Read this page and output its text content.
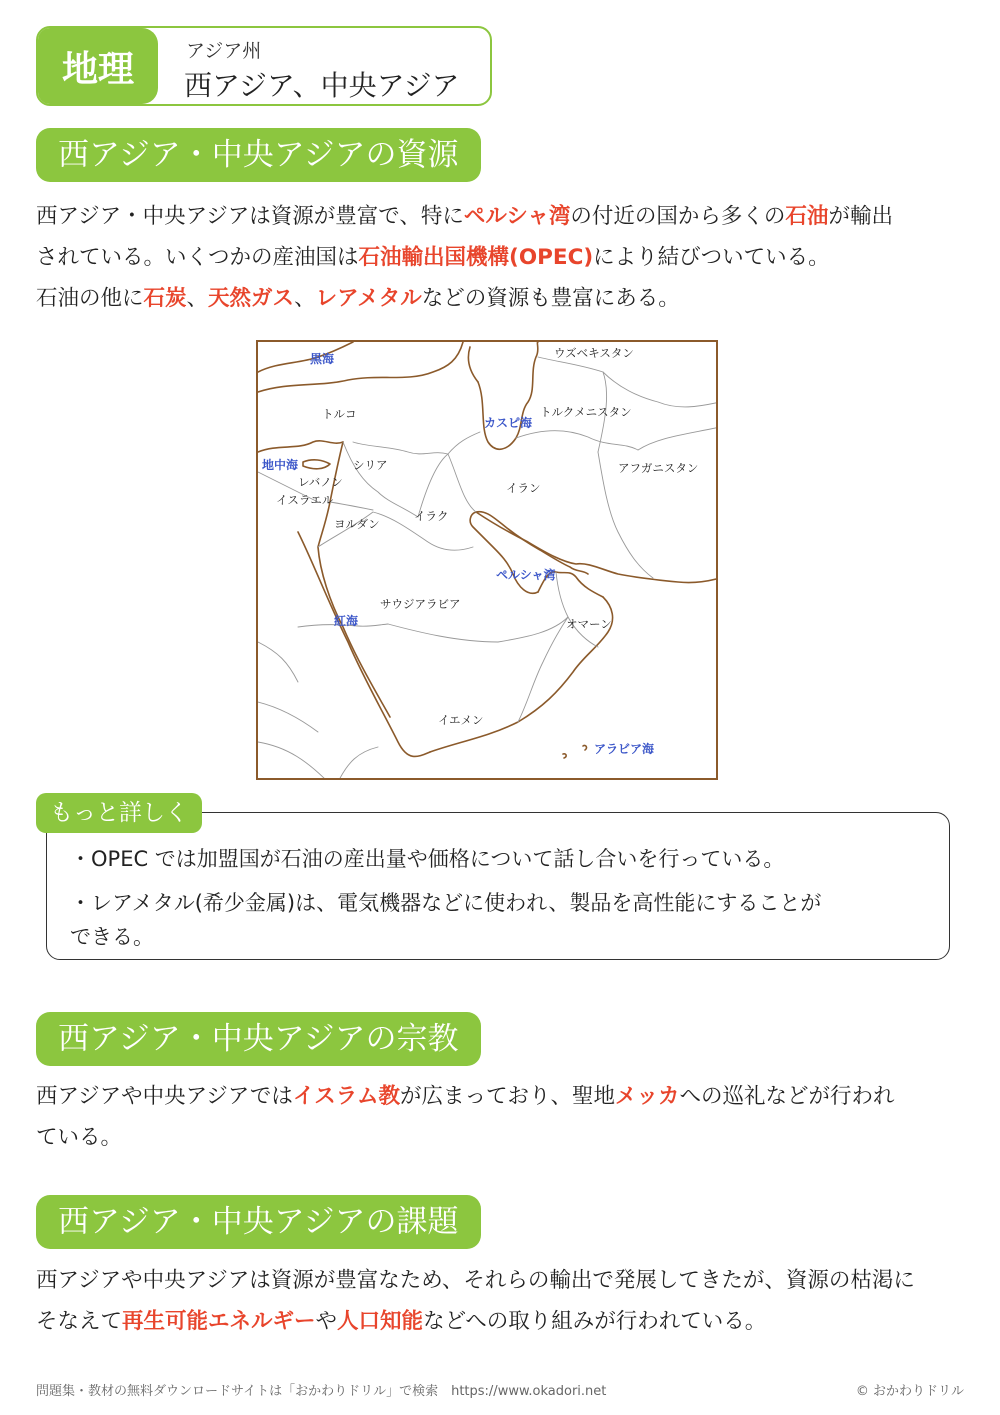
地理	アジア州
西アジア、中央アジア
西アジア・中央アジアの資源
西アジア・中央アジアは資源が豊富で、特にペルシャ湾の付近の国から多くの石油が輸出
されている。いくつかの産油国は石油輸出国機構(OPEC)により結びついている。
石油の他に石炭、天然ガス、レアメタルなどの資源も豊富にある。
ウズベキスタン
黒海
トルコ
カスピ海
トルクメニスタン
地中海	シリア	アフガニスタン
レバノン	イラン
イスラエル
イラク
ヨルダン
ペルシャ湾
サウジアラビア
紅海	オマーン
イエメン
アラビア海
もっと詳しく
・OPEC では加盟国が石油の産出量や価格について話し合いを行っている。
・レアメタル(希少金属)は、電気機器などに使われ、製品を高性能にすることが
できる。
西アジア・中央アジアの宗教
西アジアや中央アジアではイスラム教が広まっており、聖地メッカへの巡礼などが行われ
ている。
西アジア・中央アジアの課題
西アジアや中央アジアは資源が豊富なため、それらの輸出で発展してきたが、資源の枯渇に
そなえて再生可能エネルギーや人口知能などへの取り組みが行われている。
問題集・教材の無料ダウンロードサイトは「おかわりドリル」で検索　https://www.okadori.net	© おかわりドリル
